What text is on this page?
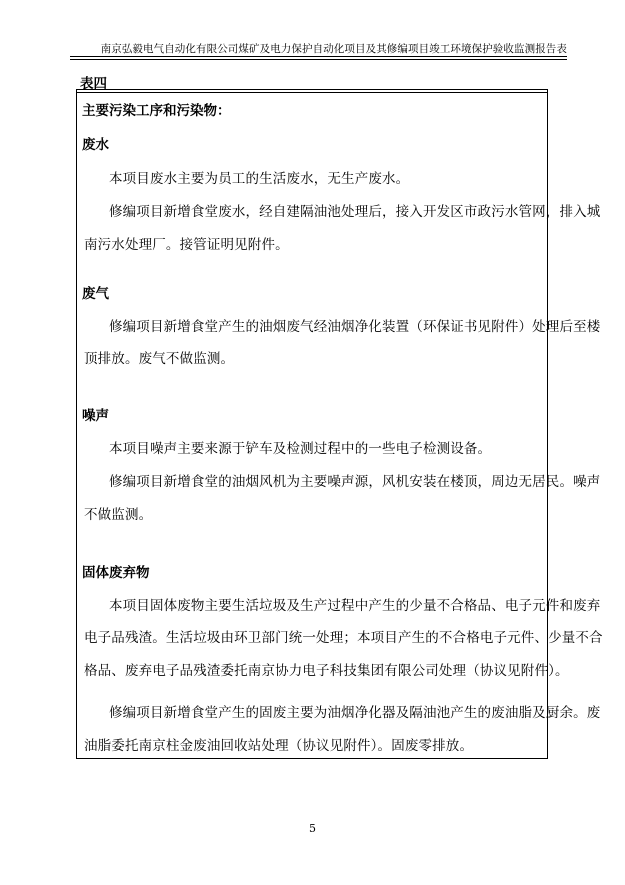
南京弘毅电气自动化有限公司煤矿及电力保护自动化项目及其修编项目竣工环境保护验收监测报告表
表四
主要污染工序和污染物：
废水
本项目废水主要为员工的生活废水，无生产废水。
修编项目新增食堂废水，经自建隔油池处理后，接入开发区市政污水管网，排入城
南污水处理厂。接管证明见附件。
废气
修编项目新增食堂产生的油烟废气经油烟净化装置（环保证书见附件）处理后至楼
顶排放。废气不做监测。
噪声
本项目噪声主要来源于铲车及检测过程中的一些电子检测设备。
修编项目新增食堂的油烟风机为主要噪声源，风机安装在楼顶，周边无居民。噪声
不做监测。
固体废弃物
本项目固体废物主要生活垃圾及生产过程中产生的少量不合格品、电子元件和废弃
电子品残渣。生活垃圾由环卫部门统一处理；本项目产生的不合格电子元件、少量不合
格品、废弃电子品残渣委托南京协力电子科技集团有限公司处理（协议见附件）。
修编项目新增食堂产生的固废主要为油烟净化器及隔油池产生的废油脂及厨余。废
油脂委托南京柱金废油回收站处理（协议见附件）。固废零排放。
5
